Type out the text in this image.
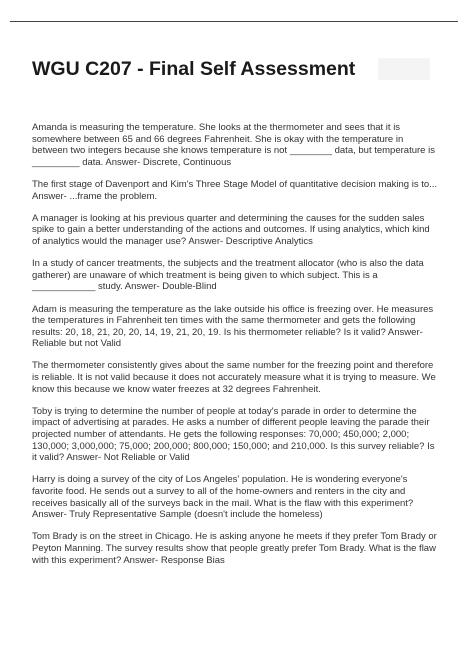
WGU C207 - Final Self Assessment

Amanda is measuring the temperature. She looks at the thermometer and sees that it is somewhere between 65 and 66 degrees Fahrenheit. She is okay with the temperature in between two integers because she knows temperature is not ________ data, but temperature is _________ data. Answer- Discrete, Continuous

The first stage of Davenport and Kim's Three Stage Model of quantitative decision making is to... Answer- ...frame the problem.

A manager is looking at his previous quarter and determining the causes for the sudden sales spike to gain a better understanding of the actions and outcomes. If using analytics, which kind of analytics would the manager use? Answer- Descriptive Analytics

In a study of cancer treatments, the subjects and the treatment allocator (who is also the data gatherer) are unaware of which treatment is being given to which subject. This is a ____________ study. Answer- Double-Blind

Adam is measuring the temperature as the lake outside his office is freezing over. He measures the temperatures in Fahrenheit ten times with the same thermometer and gets the following results: 20, 18, 21, 20, 20, 14, 19, 21, 20, 19. Is his thermometer reliable? Is it valid? Answer- Reliable but not Valid

The thermometer consistently gives about the same number for the freezing point and therefore is reliable. It is not valid because it does not accurately measure what it is trying to measure. We know this because we know water freezes at 32 degrees Fahrenheit.

Toby is trying to determine the number of people at today's parade in order to determine the impact of advertising at parades. He asks a number of different people leaving the parade their projected number of attendants. He gets the following responses: 70,000; 450,000; 2,000; 130,000; 3,000,000; 75,000; 200,000; 800,000; 150,000; and 210,000. Is this survey reliable? Is it valid? Answer- Not Reliable or Valid

Harry is doing a survey of the city of Los Angeles' population. He is wondering everyone's favorite food. He sends out a survey to all of the home-owners and renters in the city and receives basically all of the surveys back in the mail. What is the flaw with this experiment? Answer- Truly Representative Sample (doesn't include the homeless)

Tom Brady is on the street in Chicago. He is asking anyone he meets if they prefer Tom Brady or Peyton Manning. The survey results show that people greatly prefer Tom Brady. What is the flaw with this experiment? Answer- Response Bias
